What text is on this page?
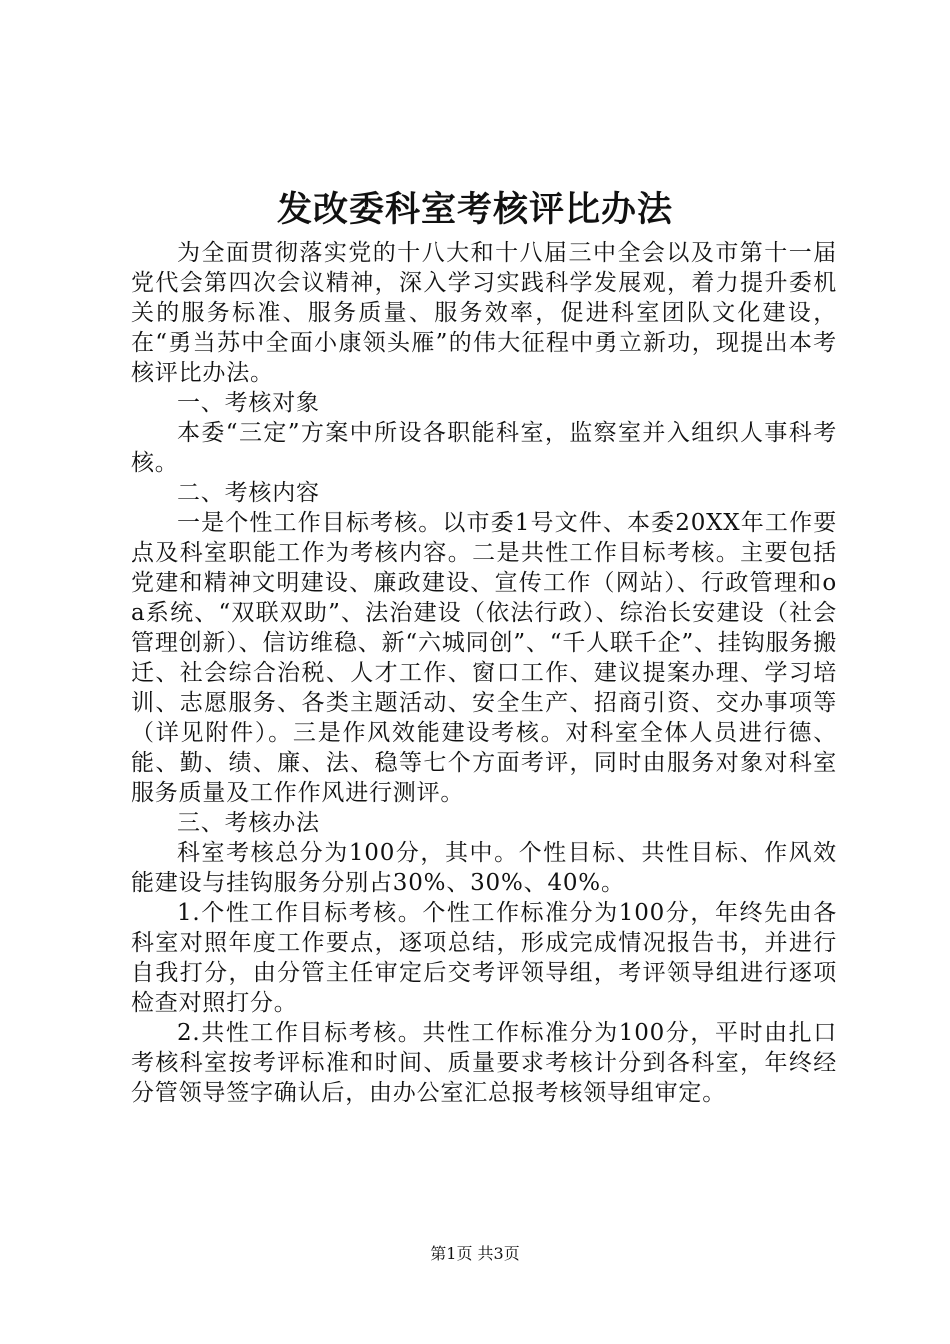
发改委科室考核评比办法

为全面贯彻落实党的十八大和十八届三中全会以及市第十一届党代会第四次会议精神，深入学习实践科学发展观，着力提升委机关的服务标准、服务质量、服务效率，促进科室团队文化建设，在“勇当苏中全面小康领头雁”的伟大征程中勇立新功，现提出本考核评比办法。

一、考核对象

本委“三定”方案中所设各职能科室，监察室并入组织人事科考核。

二、考核内容

一是个性工作目标考核。以市委1号文件、本委20XX年工作要点及科室职能工作为考核内容。二是共性工作目标考核。主要包括党建和精神文明建设、廉政建设、宣传工作（网站）、行政管理和oa系统、“双联双助”、法治建设（依法行政）、综治长安建设（社会管理创新）、信访维稳、新“六城同创”、“千人联千企”、挂钩服务搬迁、社会综合治税、人才工作、窗口工作、建议提案办理、学习培训、志愿服务、各类主题活动、安全生产、招商引资、交办事项等（详见附件）。三是作风效能建设考核。对科室全体人员进行德、能、勤、绩、廉、法、稳等七个方面考评，同时由服务对象对科室服务质量及工作作风进行测评。

三、考核办法

科室考核总分为100分，其中。个性目标、共性目标、作风效能建设与挂钩服务分别占30%、30%、40%。

1.个性工作目标考核。个性工作标准分为100分，年终先由各科室对照年度工作要点，逐项总结，形成完成情况报告书，并进行自我打分，由分管主任审定后交考评领导组，考评领导组进行逐项检查对照打分。

2.共性工作目标考核。共性工作标准分为100分，平时由扎口考核科室按考评标准和时间、质量要求考核计分到各科室，年终经分管领导签字确认后，由办公室汇总报考核领导组审定。

第1页 共3页
